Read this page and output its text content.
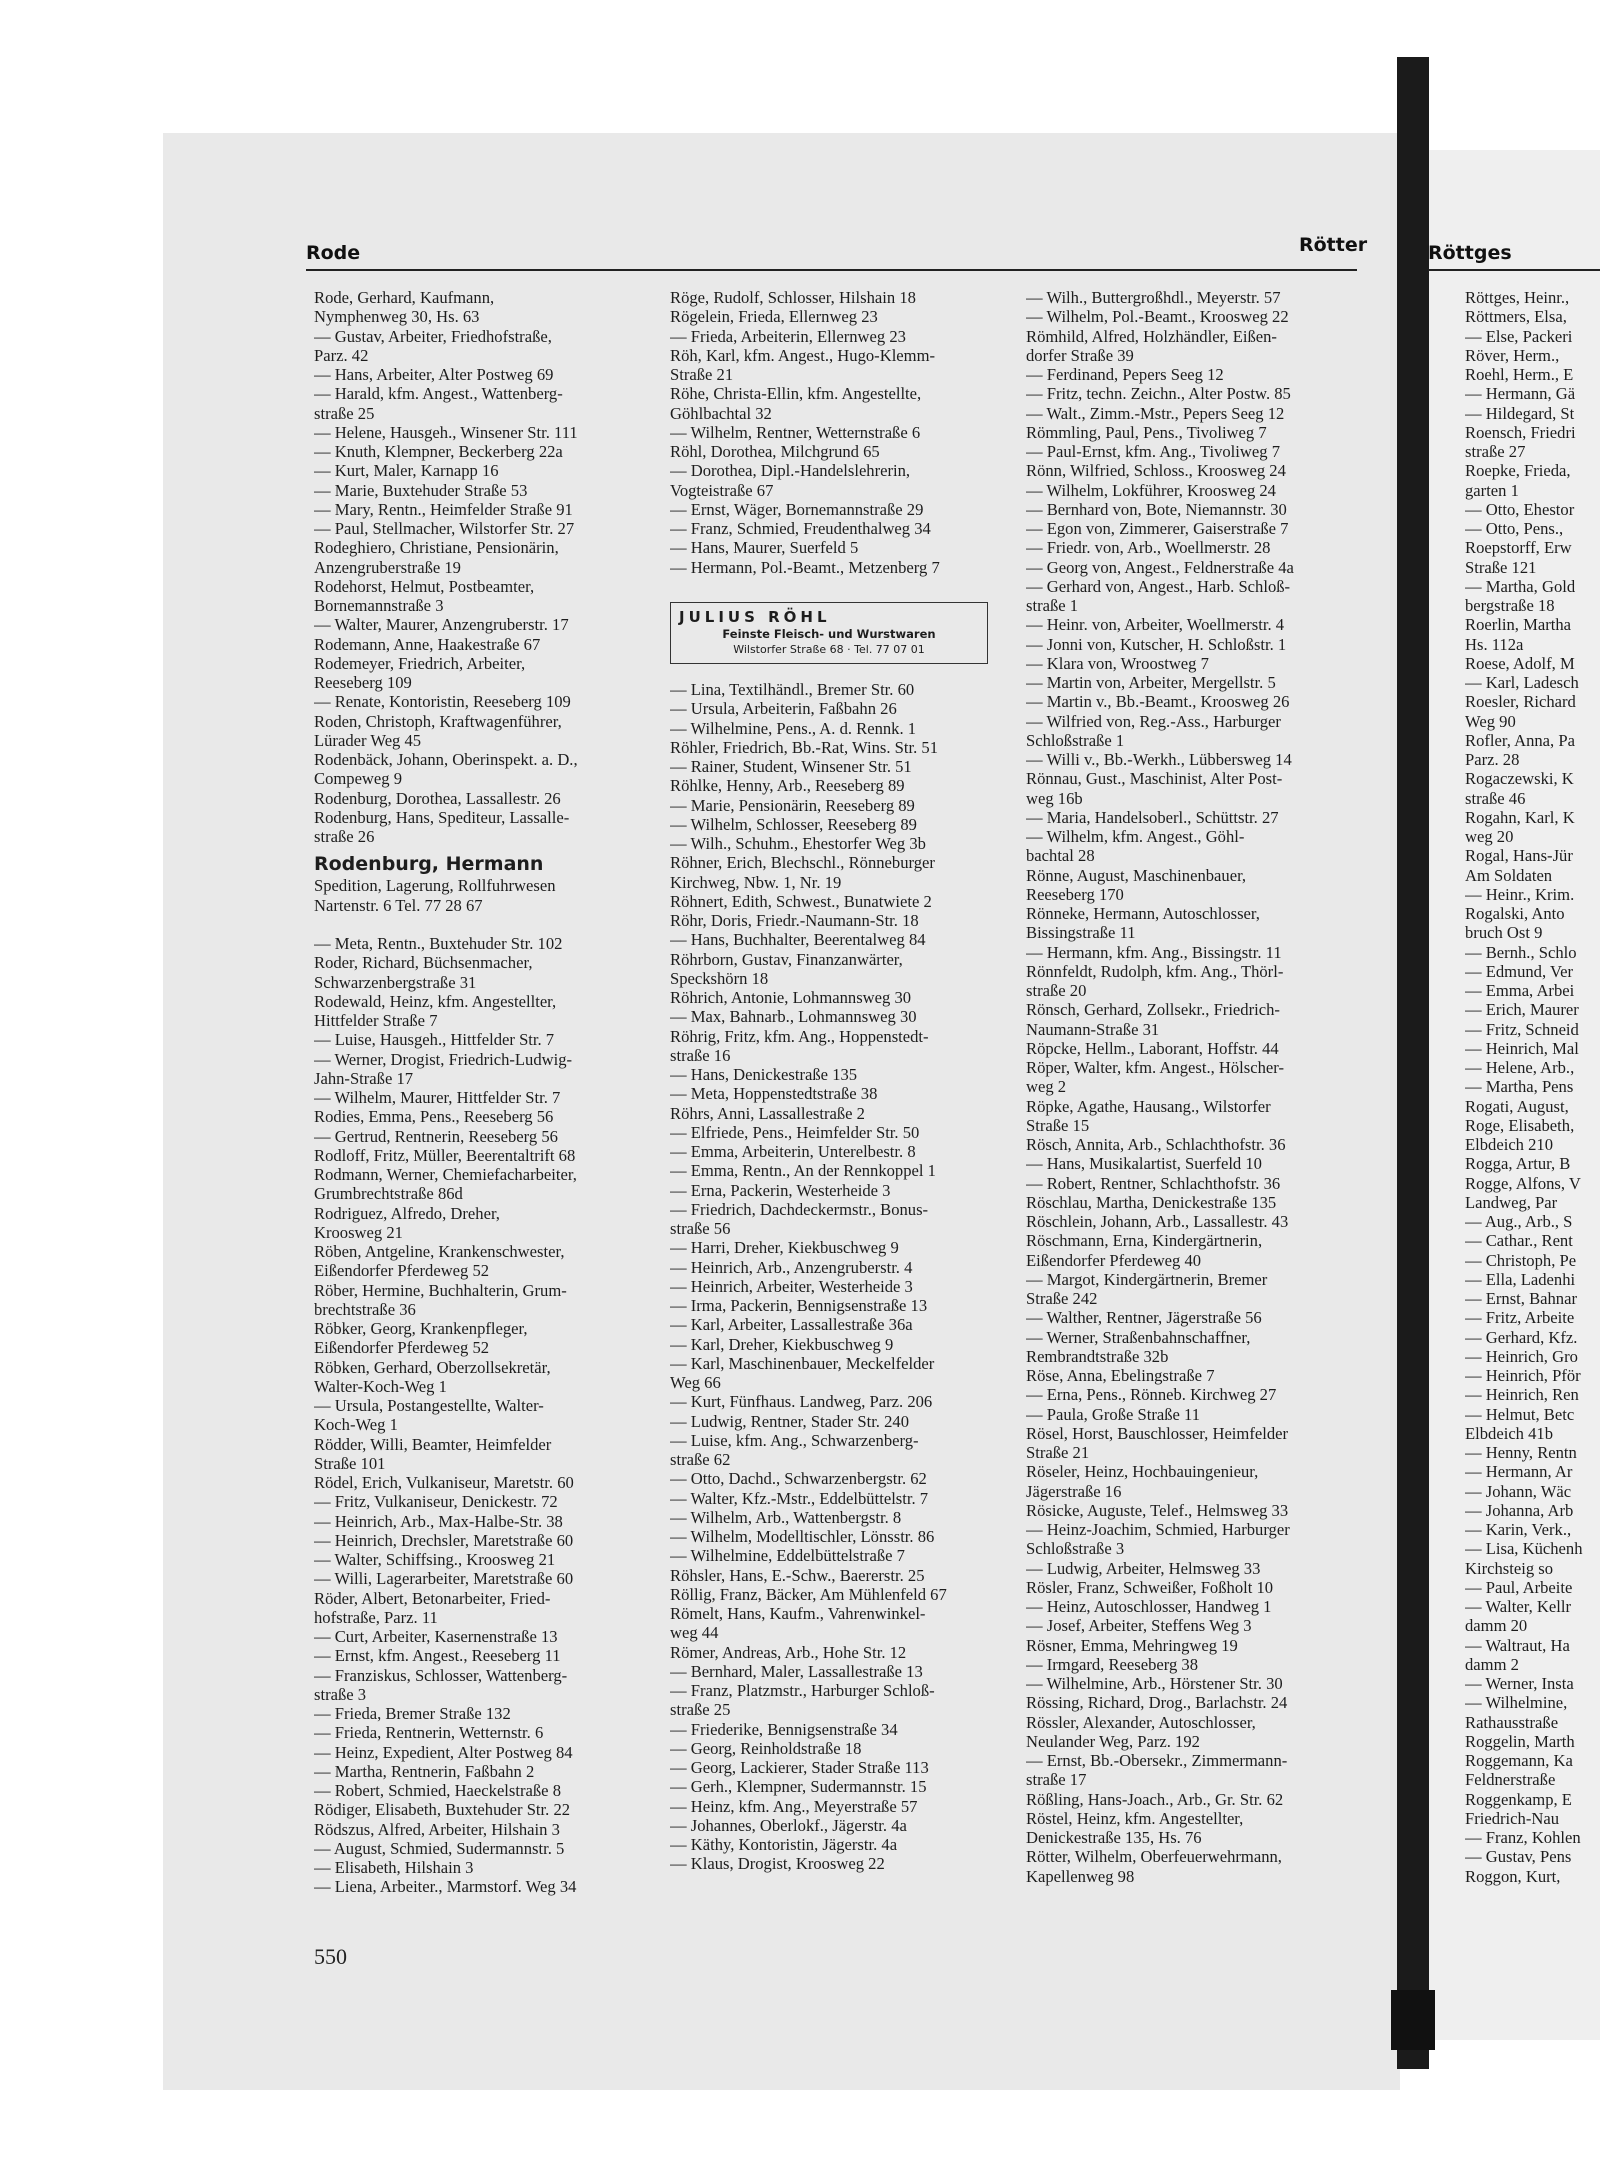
Rode	Rötter	Röttges
Rode, Gerhard, Kaufmann,
Nymphenweg 30, Hs. 63
— Gustav, Arbeiter, Friedhofstraße,
Parz. 42
— Hans, Arbeiter, Alter Postweg 69
— Harald, kfm. Angest., Wattenberg-
straße 25
— Helene, Hausgeh., Winsener Str. 111
— Knuth, Klempner, Beckerberg 22a
— Kurt, Maler, Karnapp 16
— Marie, Buxtehuder Straße 53
— Mary, Rentn., Heimfelder Straße 91
— Paul, Stellmacher, Wilstorfer Str. 27
Rodeghiero, Christiane, Pensionärin,
Anzengruberstraße 19
Rodehorst, Helmut, Postbeamter,
Bornemannstraße 3
— Walter, Maurer, Anzengruberstr. 17
Rodemann, Anne, Haakestraße 67
Rodemeyer, Friedrich, Arbeiter,
Reeseberg 109
— Renate, Kontoristin, Reeseberg 109
Roden, Christoph, Kraftwagenführer,
Lürader Weg 45
Rodenbäck, Johann, Oberinspekt. a. D.,
Compeweg 9
Rodenburg, Dorothea, Lassallestr. 26
Rodenburg, Hans, Spediteur, Lassalle-
straße 26
Rodenburg, Hermann
Spedition, Lagerung, Rollfuhrwesen
Nartenstr. 6 Tel. 77 28 67
— Meta, Rentn., Buxtehuder Str. 102
Roder, Richard, Büchsenmacher,
Schwarzenbergstraße 31
Rodewald, Heinz, kfm. Angestellter,
Hittfelder Straße 7
— Luise, Hausgeh., Hittfelder Str. 7
— Werner, Drogist, Friedrich-Ludwig-
Jahn-Straße 17
— Wilhelm, Maurer, Hittfelder Str. 7
Rodies, Emma, Pens., Reeseberg 56
— Gertrud, Rentnerin, Reeseberg 56
Rodloff, Fritz, Müller, Beerentaltrift 68
Rodmann, Werner, Chemiefacharbeiter,
Grumbrechtstraße 86d
Rodriguez, Alfredo, Dreher,
Kroosweg 21
Röben, Antgeline, Krankenschwester,
Eißendorfer Pferdeweg 52
Röber, Hermine, Buchhalterin, Grum-
brechtstraße 36
Röbker, Georg, Krankenpfleger,
Eißendorfer Pferdeweg 52
Röbken, Gerhard, Oberzollsekretär,
Walter-Koch-Weg 1
— Ursula, Postangestellte, Walter-
Koch-Weg 1
Rödder, Willi, Beamter, Heimfelder
Straße 101
Rödel, Erich, Vulkaniseur, Maretstr. 60
— Fritz, Vulkaniseur, Denickestr. 72
— Heinrich, Arb., Max-Halbe-Str. 38
— Heinrich, Drechsler, Maretstraße 60
— Walter, Schiffsing., Kroosweg 21
— Willi, Lagerarbeiter, Maretstraße 60
Röder, Albert, Betonarbeiter, Fried-
hofstraße, Parz. 11
— Curt, Arbeiter, Kasernenstraße 13
— Ernst, kfm. Angest., Reeseberg 11
— Franziskus, Schlosser, Wattenberg-
straße 3
— Frieda, Bremer Straße 132
— Frieda, Rentnerin, Wetternstr. 6
— Heinz, Expedient, Alter Postweg 84
— Martha, Rentnerin, Faßbahn 2
— Robert, Schmied, Haeckelstraße 8
Rödiger, Elisabeth, Buxtehuder Str. 22
Rödszus, Alfred, Arbeiter, Hilshain 3
— August, Schmied, Sudermannstr. 5
— Elisabeth, Hilshain 3
— Liena, Arbeiter., Marmstorf. Weg 34
Röge, Rudolf, Schlosser, Hilshain 18
Rögelein, Frieda, Ellernweg 23
— Frieda, Arbeiterin, Ellernweg 23
Röh, Karl, kfm. Angest., Hugo-Klemm-
Straße 21
Röhe, Christa-Ellin, kfm. Angestellte,
Göhlbachtal 32
— Wilhelm, Rentner, Wetternstraße 6
Röhl, Dorothea, Milchgrund 65
— Dorothea, Dipl.-Handelslehrerin,
Vogteistraße 67
— Ernst, Wäger, Bornemannstraße 29
— Franz, Schmied, Freudenthalweg 34
— Hans, Maurer, Suerfeld 5
— Hermann, Pol.-Beamt., Metzenberg 7
JULIUS RÖHL
Feinste Fleisch- und Wurstwaren
Wilstorfer Straße 68 · Tel. 77 07 01
— Lina, Textilhändl., Bremer Str. 60
— Ursula, Arbeiterin, Faßbahn 26
— Wilhelmine, Pens., A. d. Rennk. 1
Röhler, Friedrich, Bb.-Rat, Wins. Str. 51
— Rainer, Student, Winsener Str. 51
Röhlke, Henny, Arb., Reeseberg 89
— Marie, Pensionärin, Reeseberg 89
— Wilhelm, Schlosser, Reeseberg 89
— Wilh., Schuhm., Ehestorfer Weg 3b
Röhner, Erich, Blechschl., Rönneburger
Kirchweg, Nbw. 1, Nr. 19
Röhnert, Edith, Schwest., Bunatwiete 2
Röhr, Doris, Friedr.-Naumann-Str. 18
— Hans, Buchhalter, Beerentalweg 84
Röhrborn, Gustav, Finanzanwärter,
Speckshörn 18
Röhrich, Antonie, Lohmannsweg 30
— Max, Bahnarb., Lohmannsweg 30
Röhrig, Fritz, kfm. Ang., Hoppenstedt-
straße 16
— Hans, Denickestraße 135
— Meta, Hoppenstedtstraße 38
Röhrs, Anni, Lassallestraße 2
— Elfriede, Pens., Heimfelder Str. 50
— Emma, Arbeiterin, Unterelbestr. 8
— Emma, Rentn., An der Rennkoppel 1
— Erna, Packerin, Westerheide 3
— Friedrich, Dachdeckermstr., Bonus-
straße 56
— Harri, Dreher, Kiekbuschweg 9
— Heinrich, Arb., Anzengruberstr. 4
— Heinrich, Arbeiter, Westerheide 3
— Irma, Packerin, Bennigsenstraße 13
— Karl, Arbeiter, Lassallestraße 36a
— Karl, Dreher, Kiekbuschweg 9
— Karl, Maschinenbauer, Meckelfelder
Weg 66
— Kurt, Fünfhaus. Landweg, Parz. 206
— Ludwig, Rentner, Stader Str. 240
— Luise, kfm. Ang., Schwarzenberg-
straße 62
— Otto, Dachd., Schwarzenbergstr. 62
— Walter, Kfz.-Mstr., Eddelbüttelstr. 7
— Wilhelm, Arb., Wattenbergstr. 8
— Wilhelm, Modelltischler, Lönsstr. 86
— Wilhelmine, Eddelbüttelstraße 7
Röhsler, Hans, E.-Schw., Baererstr. 25
Röllig, Franz, Bäcker, Am Mühlenfeld 67
Römelt, Hans, Kaufm., Vahrenwinkel-
weg 44
Römer, Andreas, Arb., Hohe Str. 12
— Bernhard, Maler, Lassallestraße 13
— Franz, Platzmstr., Harburger Schloß-
straße 25
— Friederike, Bennigsenstraße 34
— Georg, Reinholdstraße 18
— Georg, Lackierer, Stader Straße 113
— Gerh., Klempner, Sudermannstr. 15
— Heinz, kfm. Ang., Meyerstraße 57
— Johannes, Oberlokf., Jägerstr. 4a
— Käthy, Kontoristin, Jägerstr. 4a
— Klaus, Drogist, Kroosweg 22
— Wilh., Buttergroßhdl., Meyerstr. 57
— Wilhelm, Pol.-Beamt., Kroosweg 22
Römhild, Alfred, Holzhändler, Eißen-
dorfer Straße 39
— Ferdinand, Pepers Seeg 12
— Fritz, techn. Zeichn., Alter Postw. 85
— Walt., Zimm.-Mstr., Pepers Seeg 12
Römmling, Paul, Pens., Tivoliweg 7
— Paul-Ernst, kfm. Ang., Tivoliweg 7
Rönn, Wilfried, Schloss., Kroosweg 24
— Wilhelm, Lokführer, Kroosweg 24
— Bernhard von, Bote, Niemannstr. 30
— Egon von, Zimmerer, Gaiserstraße 7
— Friedr. von, Arb., Woellmerstr. 28
— Georg von, Angest., Feldnerstraße 4a
— Gerhard von, Angest., Harb. Schloß-
straße 1
— Heinr. von, Arbeiter, Woellmerstr. 4
— Jonni von, Kutscher, H. Schloßstr. 1
— Klara von, Wroostweg 7
— Martin von, Arbeiter, Mergellstr. 5
— Martin v., Bb.-Beamt., Kroosweg 26
— Wilfried von, Reg.-Ass., Harburger
Schloßstraße 1
— Willi v., Bb.-Werkh., Lübbersweg 14
Rönnau, Gust., Maschinist, Alter Post-
weg 16b
— Maria, Handelsoberl., Schüttstr. 27
— Wilhelm, kfm. Angest., Göhl-
bachtal 28
Rönne, August, Maschinenbauer,
Reeseberg 170
Rönneke, Hermann, Autoschlosser,
Bissingstraße 11
— Hermann, kfm. Ang., Bissingstr. 11
Rönnfeldt, Rudolph, kfm. Ang., Thörl-
straße 20
Rönsch, Gerhard, Zollsekr., Friedrich-
Naumann-Straße 31
Röpcke, Hellm., Laborant, Hoffstr. 44
Röper, Walter, kfm. Angest., Hölscher-
weg 2
Röpke, Agathe, Hausang., Wilstorfer
Straße 15
Rösch, Annita, Arb., Schlachthofstr. 36
— Hans, Musikalartist, Suerfeld 10
— Robert, Rentner, Schlachthofstr. 36
Röschlau, Martha, Denickestraße 135
Röschlein, Johann, Arb., Lassallestr. 43
Röschmann, Erna, Kindergärtnerin,
Eißendorfer Pferdeweg 40
— Margot, Kindergärtnerin, Bremer
Straße 242
— Walther, Rentner, Jägerstraße 56
— Werner, Straßenbahnschaffner,
Rembrandtstraße 32b
Röse, Anna, Ebelingstraße 7
— Erna, Pens., Rönneb. Kirchweg 27
— Paula, Große Straße 11
Rösel, Horst, Bauschlosser, Heimfelder
Straße 21
Röseler, Heinz, Hochbauingenieur,
Jägerstraße 16
Rösicke, Auguste, Telef., Helmsweg 33
— Heinz-Joachim, Schmied, Harburger
Schloßstraße 3
— Ludwig, Arbeiter, Helmsweg 33
Rösler, Franz, Schweißer, Foßholt 10
— Heinz, Autoschlosser, Handweg 1
— Josef, Arbeiter, Steffens Weg 3
Rösner, Emma, Mehringweg 19
— Irmgard, Reeseberg 38
— Wilhelmine, Arb., Hörstener Str. 30
Rössing, Richard, Drog., Barlachstr. 24
Rössler, Alexander, Autoschlosser,
Neulander Weg, Parz. 192
— Ernst, Bb.-Obersekr., Zimmermann-
straße 17
Rößling, Hans-Joach., Arb., Gr. Str. 62
Röstel, Heinz, kfm. Angestellter,
Denickestraße 135, Hs. 76
Rötter, Wilhelm, Oberfeuerwehrmann,
Kapellenweg 98
Röttges, Heinr.,
Röttmers, Elsa,
— Else, Packeri
Röver, Herm.,
Roehl, Herm., E
— Hermann, Gä
— Hildegard, St
Roensch, Friedri
straße 27
Roepke, Frieda,
garten 1
— Otto, Ehestor
— Otto, Pens.,
Roepstorff, Erw
Straße 121
— Martha, Gold
bergstraße 18
Roerlin, Martha
Hs. 112a
Roese, Adolf, M
— Karl, Ladesch
Roesler, Richard
Weg 90
Rofler, Anna, Pa
Parz. 28
Rogaczewski, K
straße 46
Rogahn, Karl, K
weg 20
Rogal, Hans-Jür
Am Soldaten
— Heinr., Krim.
Rogalski, Anto
bruch Ost 9
— Bernh., Schlo
— Edmund, Ver
— Emma, Arbei
— Erich, Maurer
— Fritz, Schneid
— Heinrich, Mal
— Helene, Arb.,
— Martha, Pens
Rogati, August,
Roge, Elisabeth,
Elbdeich 210
Rogga, Artur, B
Rogge, Alfons, V
Landweg, Par
— Aug., Arb., S
— Cathar., Rent
— Christoph, Pe
— Ella, Ladenhi
— Ernst, Bahnar
— Fritz, Arbeite
— Gerhard, Kfz.
— Heinrich, Gro
— Heinrich, Pför
— Heinrich, Ren
— Helmut, Betc
Elbdeich 41b
— Henny, Rentn
— Hermann, Ar
— Johann, Wäc
— Johanna, Arb
— Karin, Verk.,
— Lisa, Küchenh
Kirchsteig so
— Paul, Arbeite
— Walter, Kellr
damm 20
— Waltraut, Ha
damm 2
— Werner, Insta
— Wilhelmine,
Rathausstraße
Roggelin, Marth
Roggemann, Ka
Feldnerstraße
Roggenkamp, E
Friedrich-Nau
— Franz, Kohlen
— Gustav, Pens
Roggon, Kurt,
550
